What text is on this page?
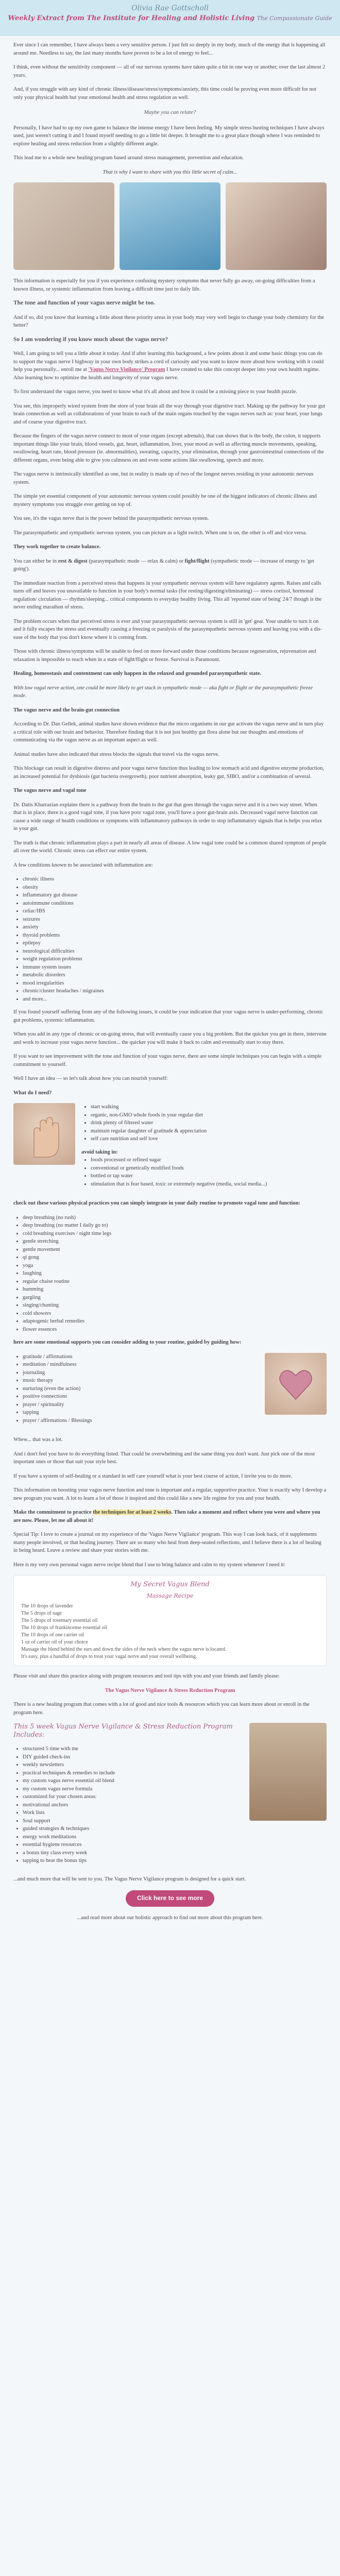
Olivia Rae Gottscholl
Weekly Extract from The Institute for Healing and Holistic Living The Compassionate Guide

Ever since I can remember, I have always been a very sensitive person. I just felt so deeply in my body, much of the energy that is happening all around me. Needless to say, the last many months have proven to be a lot of energy to feel...

I think, even without the sensitivity component — all of our nervous systems have taken quite a hit in one way or another, over the last almost 2 years.

And, if you struggle with any kind of chronic illness/disease/stress/symptoms/anxiety, this time could be proving even more difficult for not only your physical health but your emotional health and stress regulation as well.

Maybe you can relate?

Personally, I have had to up my own game to balance the intense energy I have been feeling. My simple stress busting techniques I have always used, just weren't cutting it and I found myself needing to go a little bit deeper. It brought me to a great place though where I was reminded to explore healing and stress reduction from a slightly different angle.

This lead me to a whole new healing program based around stress management, prevention and education.

That is why I want to share with you this little secret of calm...

This information is especially for you if you experience confusing mystery symptoms that never fully go away, on-going difficulties from a known illness, or systemic inflammation from leaving a difficult time just to daily life.

The tone and function of your vagus nerve might be too.

And if so, did you know that learning a little about these priority areas in your body may very well begin to change your body chemistry for the better?

So I am wondering if you know much about the vagus nerve?

Well, I am going to tell you a little about it today. And if after learning this background, a few points about it and some basic things you can do to support the vagus nerve I highway in your own body strikes a cord of curiosity and you want to know more about how working with it could help you personally... enroll me at 'Vagus Nerve Vigilance' Program I have created to take this concept deeper into your own health regime. Also learning how to optimize the health and longevity of your vagus nerve.

To first understand the vagus nerve, you need to know what it's all about and how it could be a missing piece to your health puzzle.

You see, this improperly wired system from the store of your brain all the way through your digestive tract. Making up the pathway for your gut brain connection as well as collaborations of your brain to each of the main organs touched by the vagus nerves such as: your heart, your lungs and of course your digestive tract.

Because the fingers of the vagus nerve connect to most of your organs (except adrenals), that can shows that is the body, the colon, it supports important things like your brain, blood vessels, gut, heart, inflammation, liver, your mood as well as affecting muscle movements, speaking, swallowing, heart rate, blood pressure (ie. abnormalities), sweating, capacity, your elimination, through your gastrointestinal connections of the different organs, even being able to give you calmness on and even some actions like swallowing, speech and more.

The vagus nerve is intrinsically identified as one, but in reality is made up of two of the longest nerves residing in your autonomic nervous system.

The simple yet essential component of your autonomic nervous system could possibly be one of the biggest indicators of chronic illness and mystery symptoms you struggle ever getting on top of.

You see, it's the vagus nerve that is the power behind the parasympathetic nervous system.

The parasympathetic and sympathetic nervous system, you can picture as a light switch. When one is on, the other is off and vice versa.

They work together to create balance.

You can either be in rest & digest (parasympathetic mode — relax & calm) or fight/flight (sympathetic mode — increase of energy to 'get going').

The immediate reaction from a perceived stress that happens in your sympathetic nervous system will have regulatory agents. Raises and calls turns off and leaves you unavailable to function in your body's normal tasks (for resting/digesting/eliminating) — stress cortisol, hormonal regulation/ circulation — rhythm/sleeping... critical components to everyday healthy living. This all 'reported state of being' 24/7 though is the never ending marathon of stress.

The problem occurs when that perceived stress is ever and your parasympathetic nervous system is still in 'get' gear. Your unable to turn it on and it fully escapes the stress and eventually causing a freezing or paralysis of the parasympathetic nervous system and leaving you with a dis-ease of the body that you don't know where it is coming from.

Those with chronic illness/symptoms will be unable to feed on more forward under those conditions because regeneration, rejuvenation and relaxation is impossible to reach when in a state of fight/flight or freeze. Survival is Paramount.

Healing, homeostasis and contentment can only happen in the relaxed and grounded parasympathetic state.

With low vagal nerve action, one could be more likely to get stuck in sympathetic mode — aka fight or flight or the parasympathetic freeze mode.

The vagus nerve and the brain-gut connection

According to Dr. Dan Gellek, animal studies have shown evidence that the micro organisms in our gut activate the vagus nerve and in turn play a critical role with our brain and behavior. Therefore finding that it is not just healthy gut flora alone but our thoughts and emotions of communicating via the vagus nerve as an important aspect as well.

Animal studies have also indicated that stress blocks the signals that travel via the vagus nerve.

This blockage can result in digestive distress and poor vagus nerve function thus leading to low stomach acid and digestive enzyme production, an increased potential for dysbiosis (gut bacteria overgrowth), poor nutrient absorption, leaky gut, SIBO, and/or a combination of several.

The vagus nerve and vagal tone

Dr. Datis Kharrazian explains there is a pathway from the brain to the gut that goes through the vagus nerve and it is a two way street. When that is in place, there is a good vagal tone, if you have poor vagal tone, you'll have a poor gut-brain axis. Decreased vagal nerve function can cause a wide range of health conditions or symptoms with inflammatory pathways in order to stop inflammatory signals that is helps you relax in your gut.

The truth is that chronic inflammation plays a part in nearly all areas of disease. A low vagal tone could be a common shared symptom of people all over the world. Chronic stress can effect our entire system.

A few conditions known to be associated with inflammation are:

• chronic illness
• obesity
• inflammatory gut disease
• autoimmune conditions
• celiac/IBS
• seizures
• anxiety
• thyroid problems
• epilepsy
• neurological difficulties
• weight regulation problems
• immune system issues
• metabolic disorders
• mood irregularities
• chronic/cluster headaches / migraines
• and more...

If you found yourself suffering from any of the following issues, it could be your indication that your vagus nerve is under-performing, chronic gut problems, systemic inflammation.

When you add in any type of chronic or on-going stress, that will eventually cause you a big problem. But the quicker you get in there, intervene and work to increase your vagus nerve function... the quicker you will make it back to calm and eventually start to stay there.

If you want to see improvement with the tone and function of your vagus nerve, there are some simple techniques you can begin with a simple commitment to yourself.

Well I have an idea — so let's talk about how you can nourish yourself:

What do I need?

• start walking
• organic, non-GMO whole foods in your regular diet
• drink plenty of filtered water
• maintain regular daughter of gratitude & appreciation
• self care nutrition and self love
avoid taking in:
• foods processed or refined sugar
• conventional or genetically modified foods
• bottled or tap water
• stimulation that is fear based, toxic or extremely negative (media, social media...)

check out these various physical practices you can simply integrate in your daily routine to promote vagal tone and function:

• deep breathing (no rush)
• deep breathing (no matter I daily go to)
• cold breathing exercises / night time legs
• gentle stretching
• gentle movement
• qi gong
• yoga
• laughing
• regular chaise routine
• humming
• gargling
• singing/chanting
• cold showers
• adaptogenic herbal remedies
• flower essences

here are some emotional supports you can consider adding to your routine, guided by guiding how:

• gratitude / affirmations
• meditation / mindfulness
• journaling
• music therapy
• nurturing (even the action)
• positive connections
• prayer / spirituality
• tapping
• prayer / affirmations / Blessings

Whew... that was a lot.

And i don't feel you have to do everything listed. That could be overwhelming and the same thing you don't want. Just pick one of the most important ones or those that suit your style best.

If you have a system of self-healing or a standard in self care yourself what is your best course of action, I invite you to do more.

This information on boosting your vagus nerve function and tone is important and a regular, supportive practice. Your is exactly why I develop a new program you want. A lot to learn a lot of those it inspired and this could like a new life regime for you and your health.

Make the commitment to practice the techniques for at least 2 weeks. Then take a moment and reflect where you were and where you are now. Please, let me all about it!

Special Tip: I love to create a journal on my experience of the 'Vagus Nerve Vigilance' program. This way I can look back, of it supplements many people involved, or that healing journey. There are so many who heal from deep-seated reflections, and I believe there is a lot of healing in being heard. Leave a review and share your stories with me.

Here is my very own personal vagus nerve recipe blend that I use to bring balance and calm to my system whenever I need it:

My Secret Vagus Blend
Massage Recipe
The 10 drops of lavender
The 5 drops of sage
The 5 drops of rosemary essential oil
The 10 drops of frankincense essential oil
The 10 drops of one carrier oil
1 oz of carrier oil of your choice
Massage the blend behind the ears and down the sides of the neck where the vagus nerve is located.
It's easy, plus a handful of drops to treat your vagal nerve and your overall wellbeing.

Please visit and share this practice along with program resources and tool tips with you and your friends and family please:

The Vagus Nerve Vigilance & Stress Reduction Program

There is a new healing program that comes with a lot of good and nice tools & resources which you can learn more about or enroll in the program here.

This 5 week Vagus Nerve Vigilance & Stress Reduction Program Includes:

• structured 5 time with me
• DIY guided check-ins
• weekly newsletters
• practical techniques & remedies to include
• my custom vagus nerve essential oil blend
• my custom vagus nerve formula
• customized for your chosen areas:
• motivational anchors
• Work lists
• Soul support
• guided strategies & techniques
• energy work meditations
• essential hygiene resources
• a bonus tiny class every week
• tapping to hear the bonus tips

...and much more that will be sent to you. The Vagus Nerve Vigilance program is designed for a quick start.

Click here to see more

...and read more about our holistic approach to find out more about this program here.
